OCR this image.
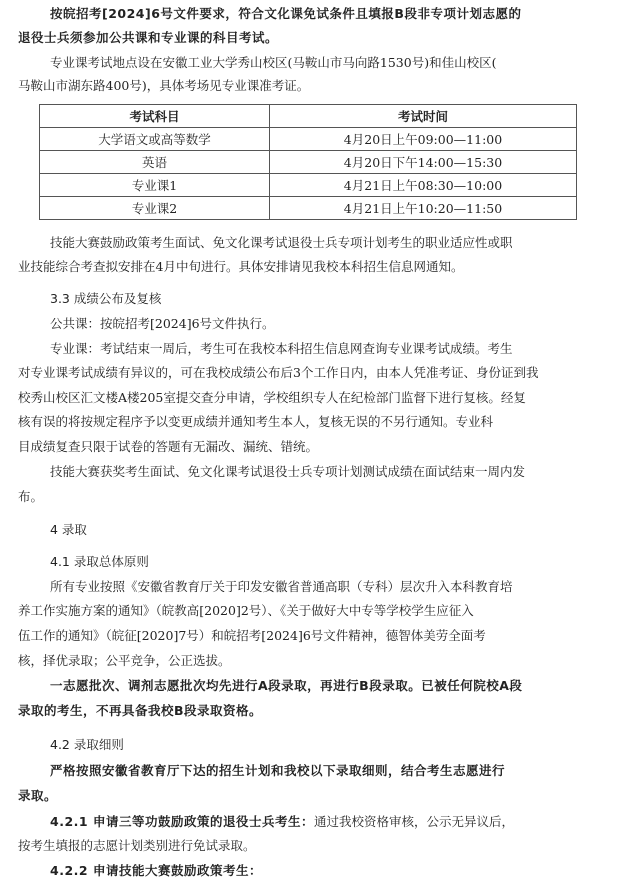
按皖招考[2024]6号文件要求，符合文化课免试条件且填报B段非专项计划志愿的
退役士兵须参加公共课和专业课的科目考试。
专业课考试地点设在安徽工业大学秀山校区(马鞍山市马向路1530号)和佳山校区(
马鞍山市湖东路400号)，具体考场见专业课准考证。
考试科目	考试时间
大学语文或高等数学	4月20日上午09:00—11:00
英语	4月20日下午14:00—15:30
专业课1	4月21日上午08:30—10:00
专业课2	4月21日上午10:20—11:50
技能大赛鼓励政策考生面试、免文化课考试退役士兵专项计划考生的职业适应性或职
业技能综合考查拟安排在4月中旬进行。具体安排请见我校本科招生信息网通知。
3.3 成绩公布及复核
公共课：按皖招考[2024]6号文件执行。
专业课：考试结束一周后，考生可在我校本科招生信息网查询专业课考试成绩。考生
对专业课考试成绩有异议的，可在我校成绩公布后3个工作日内，由本人凭准考证、身份证到我
校秀山校区汇文楼A楼205室提交查分申请，学校组织专人在纪检部门监督下进行复核。经复
核有误的将按规定程序予以变更成绩并通知考生本人，复核无误的不另行通知。专业科
目成绩复查只限于试卷的答题有无漏改、漏统、错统。
技能大赛获奖考生面试、免文化课考试退役士兵专项计划测试成绩在面试结束一周内发
布。
4 录取
4.1 录取总体原则
所有专业按照《安徽省教育厅关于印发安徽省普通高职（专科）层次升入本科教育培
养工作实施方案的通知》（皖教高[2020]2号）、《关于做好大中专等学校学生应征入
伍工作的通知》（皖征[2020]7号）和皖招考[2024]6号文件精神，德智体美劳全面考
核，择优录取；公平竞争，公正选拔。
一志愿批次、调剂志愿批次均先进行A段录取，再进行B段录取。已被任何院校A段
录取的考生，不再具备我校B段录取资格。
4.2 录取细则
严格按照安徽省教育厅下达的招生计划和我校以下录取细则，结合考生志愿进行
录取。
4.2.1 申请三等功鼓励政策的退役士兵考生：通过我校资格审核，公示无异议后，
按考生填报的志愿计划类别进行免试录取。
4.2.2 申请技能大赛鼓励政策考生：
